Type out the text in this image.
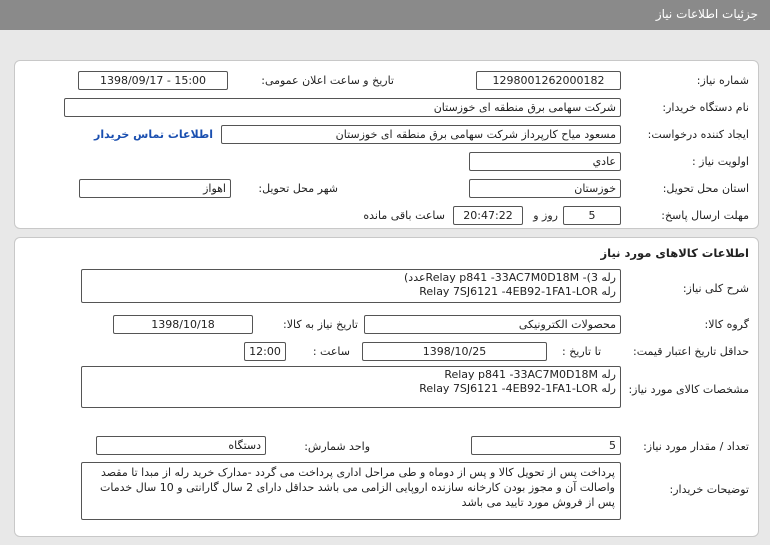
جزئیات اطلاعات نیاز
شماره نیاز:
1298001262000182
تاریخ و ساعت اعلان عمومی:
1398/09/17 - 15:00
نام دستگاه خریدار:
شرکت سهامی برق منطقه ای خوزستان
ایجاد کننده درخواست:
مسعود میاح کارپرداز شرکت سهامی برق منطقه ای خوزستان
اطلاعات تماس خریدار
اولویت نیاز :
عادي
استان محل تحویل:
خوزستان
شهر محل تحویل:
اهواز
مهلت ارسال پاسخ:
5
روز و
20:47:22
ساعت باقی مانده
اطلاعات کالاهای مورد نیاز
شرح کلی نیاز:
رله 3)- Relay p841 -33AC7M0D18Mعدد)
رله Relay 7SJ6121 -4EB92-1FA1-LOR
گروه کالا:
محصولات الکترونیکی
تاریخ نیاز به کالا:
1398/10/18
حداقل تاریخ اعتبار قیمت:
تا تاریخ :
1398/10/25
ساعت :
12:00
مشخصات کالای مورد نیاز:
رله Relay p841 -33AC7M0D18M
رله Relay 7SJ6121 -4EB92-1FA1-LOR
تعداد / مقدار مورد نیاز:
5
واحد شمارش:
دستگاه
توضیحات خریدار:
پرداخت پس از تحویل کالا و پس از دوماه و طی مراحل اداری پرداخت می گردد -مدارک خرید رله از مبدا تا مقصد واصالت آن و مجوز بودن کارخانه سازنده اروپایی الزامی می باشد حداقل دارای 2 سال گارانتی و 10 سال خدمات پس از فروش مورد تایید می باشد
